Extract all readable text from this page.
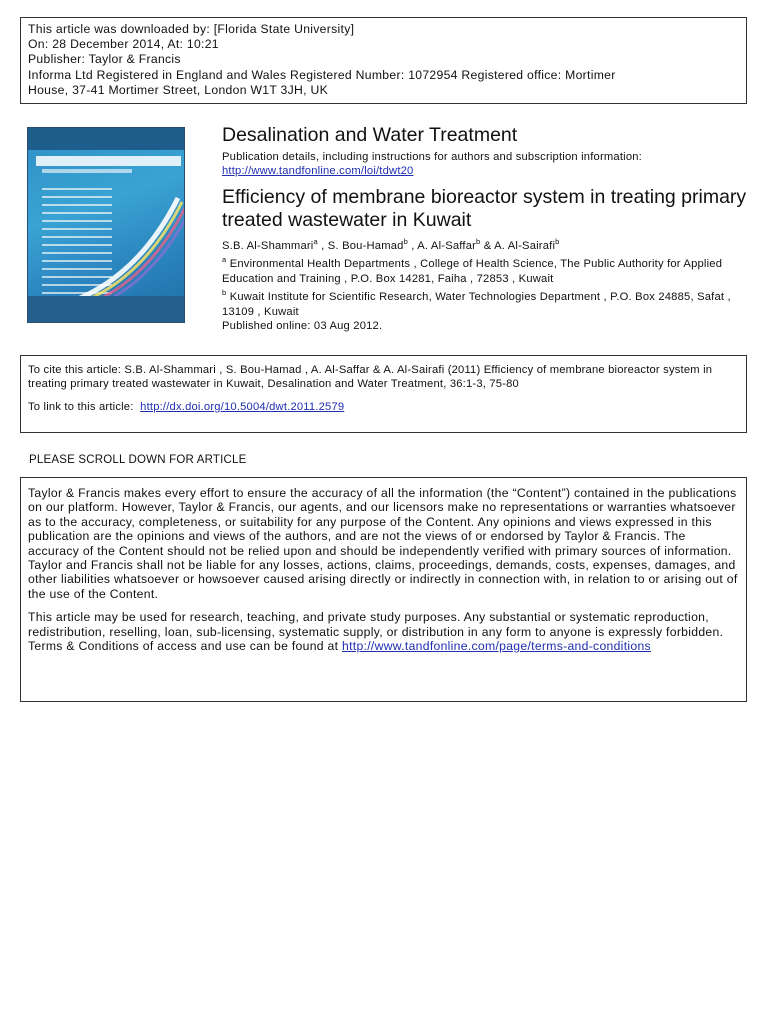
This article was downloaded by: [Florida State University]
On: 28 December 2014, At: 10:21
Publisher: Taylor & Francis
Informa Ltd Registered in England and Wales Registered Number: 1072954 Registered office: Mortimer
House, 37-41 Mortimer Street, London W1T 3JH, UK
Desalination and Water Treatment
Publication details, including instructions for authors and subscription information:
http://www.tandfonline.com/loi/tdwt20
Efficiency of membrane bioreactor system in treating primary treated wastewater in Kuwait
S.B. Al-Shammari$^a$ , S. Bou-Hamad$^b$ , A. Al-Saffar$^b$ & A. Al-Sairafi$^b$

$^a$ Environmental Health Departments , College of Health Science, The Public Authority for Applied Education and Training , P.O. Box 14281, Faiha , 72853 , Kuwait

$^b$ Kuwait Institute for Scientific Research, Water Technologies Department , P.O. Box 24885, Safat , 13109 , Kuwait

Published online: 03 Aug 2012.

To cite this article: S.B. Al-Shammari , S. Bou-Hamad , A. Al-Saffar & A. Al-Sairafi (2011) Efficiency of membrane bioreactor system in treating primary treated wastewater in Kuwait, Desalination and Water Treatment, 36:1-3, 75-80
To link to this article: http://dx.doi.org/10.5004/dwt.2011.2579
PLEASE SCROLL DOWN FOR ARTICLE

Taylor & Francis makes every effort to ensure the accuracy of all the information (the “Content”) contained in the publications on our platform. However, Taylor & Francis, our agents, and our licensors make no representations or warranties whatsoever as to the accuracy, completeness, or suitability for any purpose of the Content. Any opinions and views expressed in this publication are the opinions and views of the authors, and are not the views of or endorsed by Taylor & Francis. The accuracy of the Content should not be relied upon and should be independently verified with primary sources of information. Taylor and Francis shall not be liable for any losses, actions, claims, proceedings, demands, costs, expenses, damages, and other liabilities whatsoever or howsoever caused arising directly or indirectly in connection with, in relation to or arising out of the use of the Content.

This article may be used for research, teaching, and private study purposes. Any substantial or systematic reproduction, redistribution, reselling, loan, sub-licensing, systematic supply, or distribution in any form to anyone is expressly forbidden. Terms & Conditions of access and use can be found at http://www.tandfonline.com/page/terms-and-conditions
